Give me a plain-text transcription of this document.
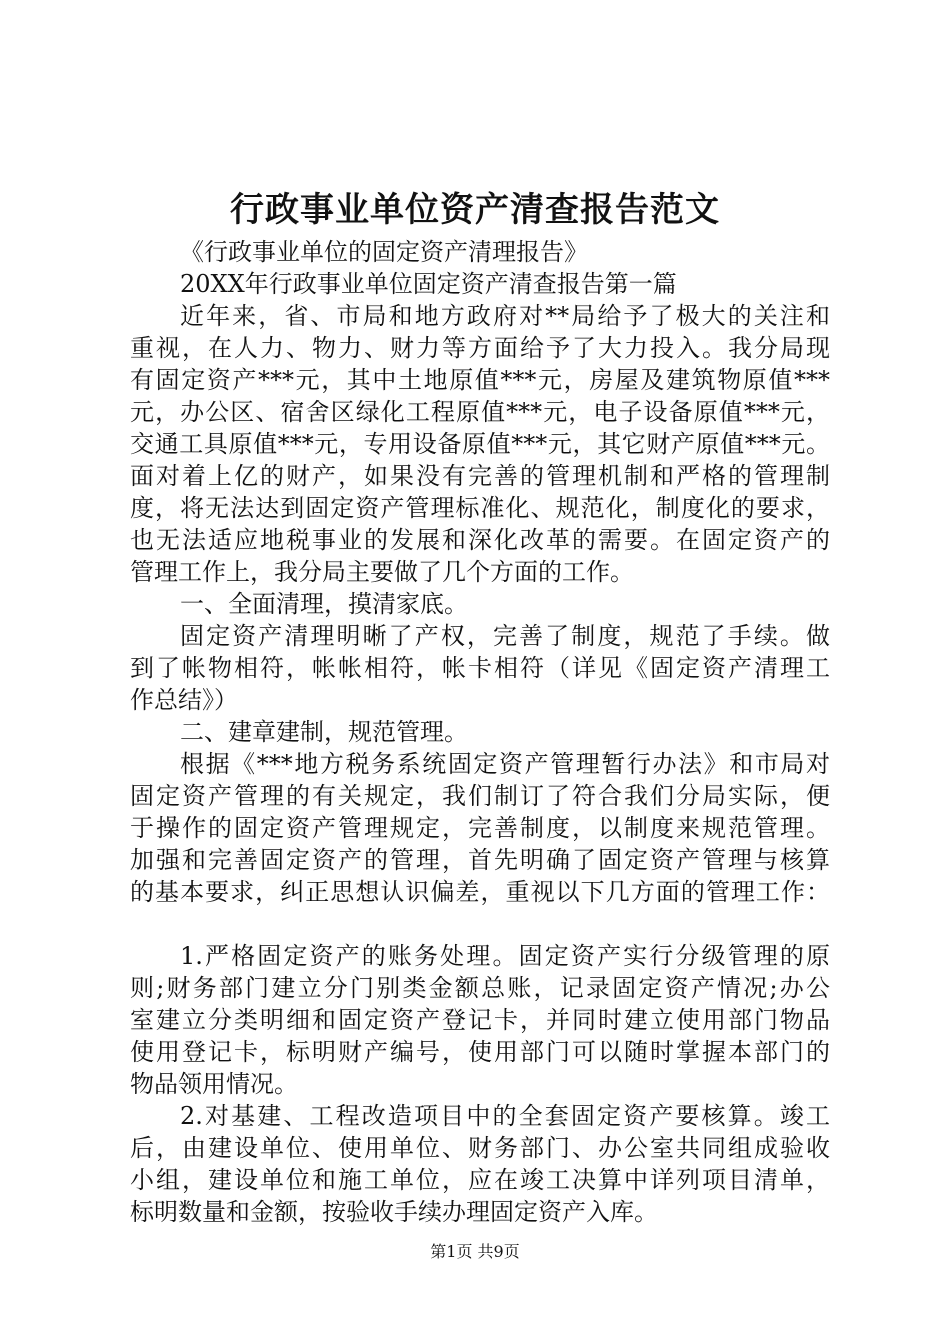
行政事业单位资产清查报告范文

《行政事业单位的固定资产清理报告》

20XX年行政事业单位固定资产清查报告第一篇

近年来，省、市局和地方政府对**局给予了极大的关注和

重视，在人力、物力、财力等方面给予了大力投入。我分局现

有固定资产***元，其中土地原值***元，房屋及建筑物原值***

元，办公区、宿舍区绿化工程原值***元，电子设备原值***元，

交通工具原值***元，专用设备原值***元，其它财产原值***元。

面对着上亿的财产，如果没有完善的管理机制和严格的管理制

度，将无法达到固定资产管理标准化、规范化，制度化的要求，

也无法适应地税事业的发展和深化改革的需要。在固定资产的

管理工作上，我分局主要做了几个方面的工作。

一、全面清理，摸清家底。

固定资产清理明晰了产权，完善了制度，规范了手续。做

到了帐物相符，帐帐相符，帐卡相符（详见《固定资产清理工

作总结》）

二、建章建制，规范管理。

根据《***地方税务系统固定资产管理暂行办法》和市局对

固定资产管理的有关规定，我们制订了符合我们分局实际，便

于操作的固定资产管理规定，完善制度，以制度来规范管理。

加强和完善固定资产的管理，首先明确了固定资产管理与核算

的基本要求，纠正思想认识偏差，重视以下几方面的管理工作：

1.严格固定资产的账务处理。固定资产实行分级管理的原

则;财务部门建立分门别类金额总账，记录固定资产情况;办公

室建立分类明细和固定资产登记卡，并同时建立使用部门物品

使用登记卡，标明财产编号，使用部门可以随时掌握本部门的

物品领用情况。

2.对基建、工程改造项目中的全套固定资产要核算。竣工

后，由建设单位、使用单位、财务部门、办公室共同组成验收

小组，建设单位和施工单位，应在竣工决算中详列项目清单，

标明数量和金额，按验收手续办理固定资产入库。

第1页 共9页
